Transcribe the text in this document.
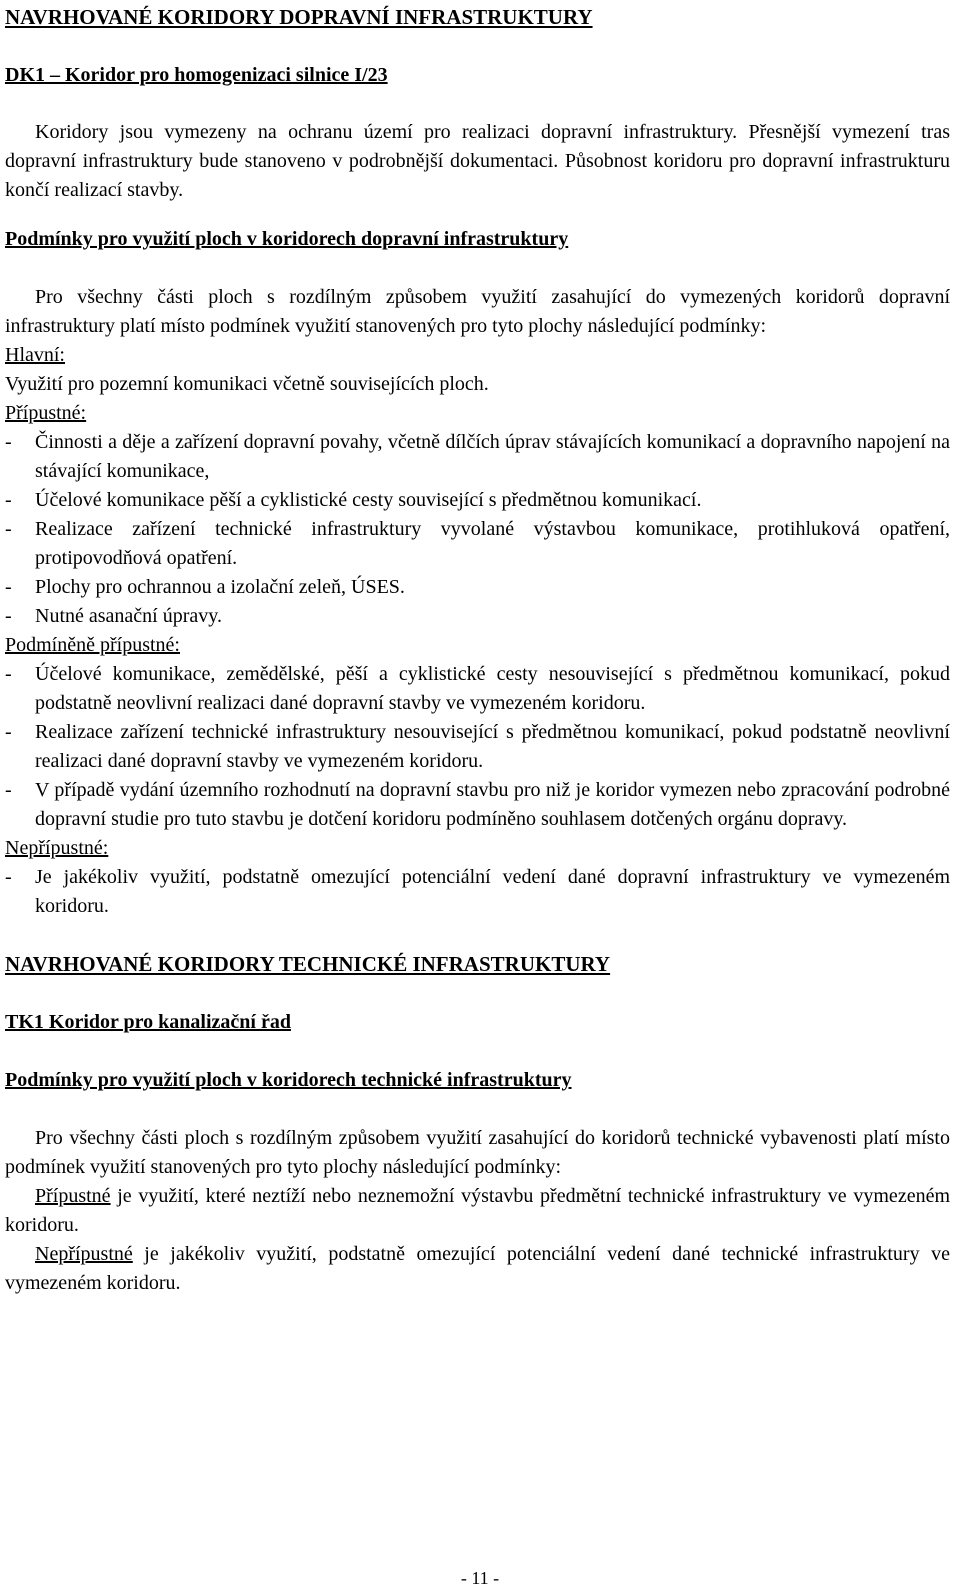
NAVRHOVANÉ KORIDORY DOPRAVNÍ INFRASTRUKTURY

DK1 – Koridor pro homogenizaci silnice I/23

Koridory jsou vymezeny na ochranu území pro realizaci dopravní infrastruktury. Přesnější vymezení tras dopravní infrastruktury bude stanoveno v podrobnější dokumentaci. Působnost koridoru pro dopravní infrastrukturu končí realizací stavby.

Podmínky pro využití ploch v koridorech dopravní infrastruktury

Pro všechny části ploch s rozdílným způsobem využití zasahující do vymezených koridorů dopravní infrastruktury platí místo podmínek využití stanovených pro tyto plochy následující podmínky:

Hlavní:

Využití pro pozemní komunikaci včetně souvisejících ploch.

Přípustné:

- Činnosti a děje a zařízení dopravní povahy, včetně dílčích úprav stávajících komunikací a dopravního napojení na stávající komunikace,
- Účelové komunikace pěší a cyklistické cesty související s předmětnou komunikací.
- Realizace zařízení technické infrastruktury vyvolané výstavbou komunikace, protihluková opatření, protipovodňová opatření.
- Plochy pro ochrannou a izolační zeleň, ÚSES.
- Nutné asanační úpravy.

Podmíněně přípustné:

- Účelové komunikace, zemědělské, pěší a cyklistické cesty nesouvisející s předmětnou komunikací, pokud podstatně neovlivní realizaci dané dopravní stavby ve vymezeném koridoru.
- Realizace zařízení technické infrastruktury nesouvisející s předmětnou komunikací, pokud podstatně neovlivní realizaci dané dopravní stavby ve vymezeném koridoru.
- V případě vydání územního rozhodnutí na dopravní stavbu pro niž je koridor vymezen nebo zpracování podrobné dopravní studie pro tuto stavbu je dotčení koridoru podmíněno souhlasem dotčených orgánu dopravy.

Nepřípustné:

- Je jakékoliv využití, podstatně omezující potenciální vedení dané dopravní infrastruktury ve vymezeném koridoru.

NAVRHOVANÉ KORIDORY TECHNICKÉ INFRASTRUKTURY

TK1 Koridor pro kanalizační řad

Podmínky pro využití ploch v koridorech technické infrastruktury

Pro všechny části ploch s rozdílným způsobem využití zasahující do koridorů technické vybavenosti platí místo podmínek využití stanovených pro tyto plochy následující podmínky:

Přípustné je využití, které neztíží nebo neznemožní výstavbu předmětní technické infrastruktury ve vymezeném koridoru.

Nepřípustné je jakékoliv využití, podstatně omezující potenciální vedení dané technické infrastruktury ve vymezeném koridoru.

- 11 -
